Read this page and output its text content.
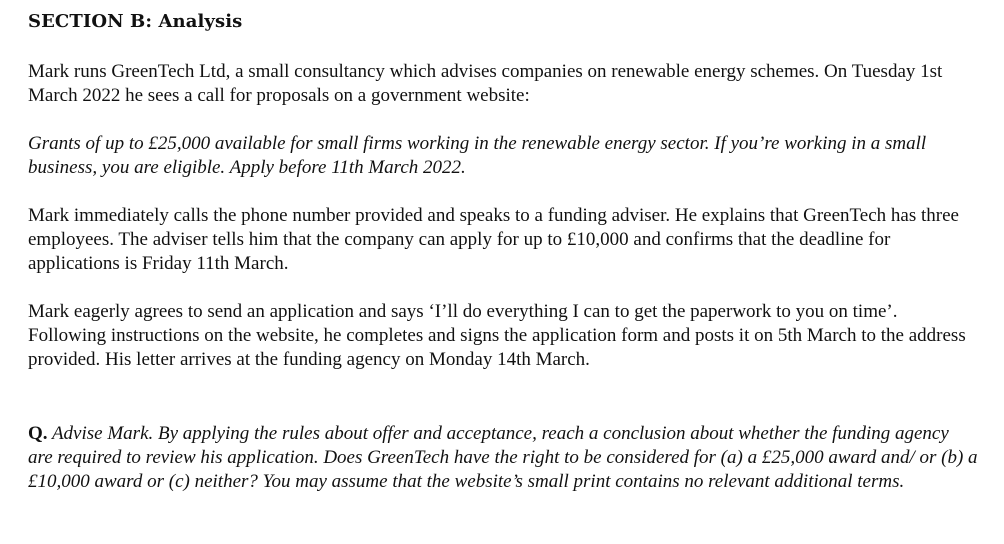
SECTION B: Analysis

Mark runs GreenTech Ltd, a small consultancy which advises companies on renewable energy schemes. On Tuesday 1st March 2022 he sees a call for proposals on a government website:

Grants of up to £25,000 available for small firms working in the renewable energy sector. If you’re working in a small business, you are eligible. Apply before 11th March 2022.

Mark immediately calls the phone number provided and speaks to a funding adviser. He explains that GreenTech has three employees. The adviser tells him that the company can apply for up to £10,000 and confirms that the deadline for applications is Friday 11th March.

Mark eagerly agrees to send an application and says ‘I’ll do everything I can to get the paperwork to you on time’. Following instructions on the website, he completes and signs the application form and posts it on 5th March to the address provided. His letter arrives at the funding agency on Monday 14th March.

Q. Advise Mark. By applying the rules about offer and acceptance, reach a conclusion about whether the funding agency are required to review his application. Does GreenTech have the right to be considered for (a) a £25,000 award and/ or (b) a £10,000 award or (c) neither? You may assume that the website’s small print contains no relevant additional terms.
